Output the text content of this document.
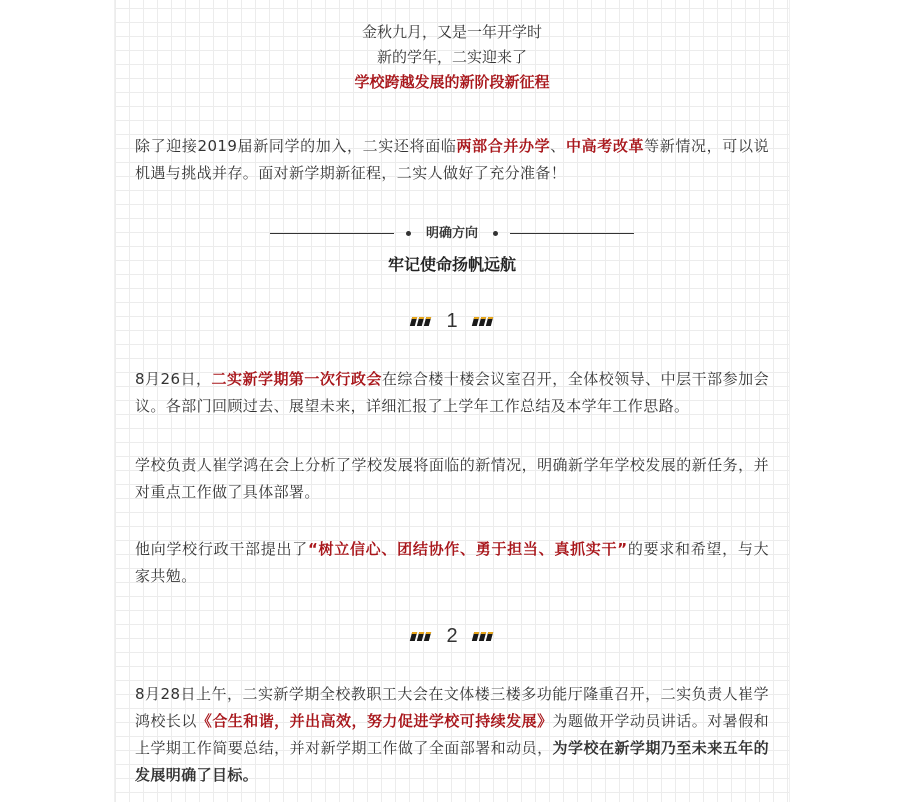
金秋九月，又是一年开学时
新的学年，二实迎来了
学校跨越发展的新阶段新征程
除了迎接2019届新同学的加入，二实还将面临两部合并办学、中高考改革等新情况，可以说机遇与挑战并存。面对新学期新征程，二实人做好了充分准备！
明确方向
牢记使命扬帆远航
1
8月26日，二实新学期第一次行政会在综合楼十楼会议室召开，全体校领导、中层干部参加会议。各部门回顾过去、展望未来，详细汇报了上学年工作总结及本学年工作思路。
学校负责人崔学鸿在会上分析了学校发展将面临的新情况，明确新学年学校发展的新任务，并对重点工作做了具体部署。
他向学校行政干部提出了“树立信心、团结协作、勇于担当、真抓实干”的要求和希望，与大家共勉。
2
8月28日上午，二实新学期全校教职工大会在文体楼三楼多功能厅隆重召开，二实负责人崔学鸿校长以《合生和谐，并出高效，努力促进学校可持续发展》为题做开学动员讲话。对暑假和上学期工作简要总结，并对新学期工作做了全面部署和动员，为学校在新学期乃至未来五年的发展明确了目标。
